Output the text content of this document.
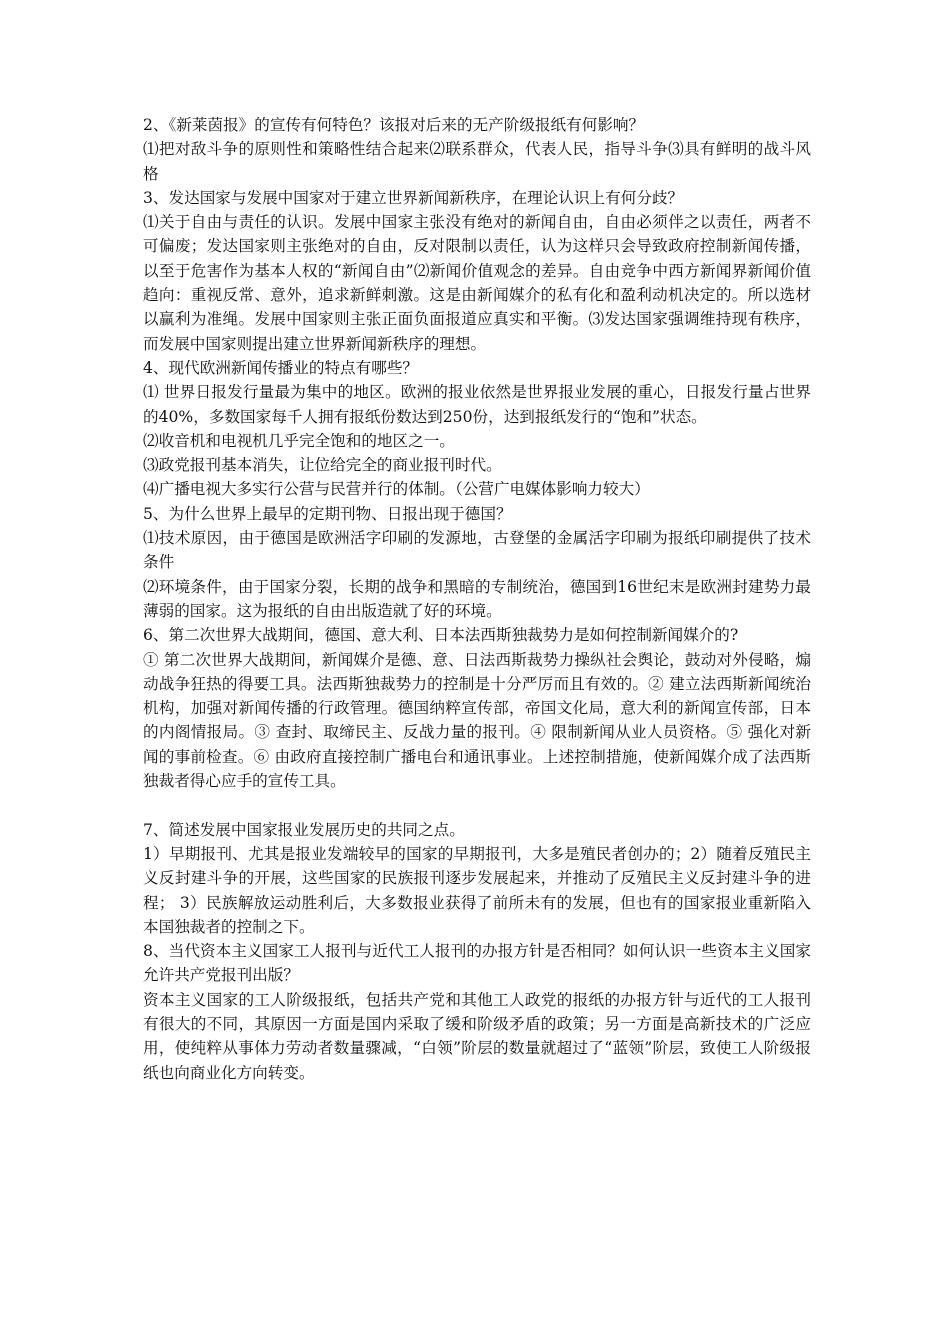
2、《新莱茵报》的宣传有何特色？该报对后来的无产阶级报纸有何影响？

⑴把对敌斗争的原则性和策略性结合起来⑵联系群众，代表人民，指导斗争⑶具有鲜明的战斗风格

3、发达国家与发展中国家对于建立世界新闻新秩序，在理论认识上有何分歧？

⑴关于自由与责任的认识。发展中国家主张没有绝对的新闻自由，自由必须伴之以责任，两者不可偏废；发达国家则主张绝对的自由，反对限制以责任，认为这样只会导致政府控制新闻传播，以至于危害作为基本人权的“新闻自由”⑵新闻价值观念的差异。自由竞争中西方新闻界新闻价值趋向：重视反常、意外，追求新鲜刺激。这是由新闻媒介的私有化和盈利动机决定的。所以选材以赢利为准绳。发展中国家则主张正面负面报道应真实和平衡。⑶发达国家强调维持现有秩序，而发展中国家则提出建立世界新闻新秩序的理想。

4、现代欧洲新闻传播业的特点有哪些？

⑴ 世界日报发行量最为集中的地区。欧洲的报业依然是世界报业发展的重心，日报发行量占世界的40%，多数国家每千人拥有报纸份数达到250份，达到报纸发行的“饱和”状态。

⑵收音机和电视机几乎完全饱和的地区之一。

⑶政党报刊基本消失，让位给完全的商业报刊时代。

⑷广播电视大多实行公营与民营并行的体制。（公营广电媒体影响力较大）

5、为什么世界上最早的定期刊物、日报出现于德国？

⑴技术原因，由于德国是欧洲活字印刷的发源地，古登堡的金属活字印刷为报纸印刷提供了技术条件

⑵环境条件，由于国家分裂，长期的战争和黑暗的专制统治，德国到16世纪末是欧洲封建势力最薄弱的国家。这为报纸的自由出版造就了好的环境。

6、第二次世界大战期间，德国、意大利、日本法西斯独裁势力是如何控制新闻媒介的?

① 第二次世界大战期间，新闻媒介是德、意、日法西斯裁势力操纵社会舆论，鼓动对外侵略，煽动战争狂热的得要工具。法西斯独裁势力的控制是十分严厉而且有效的。② 建立法西斯新闻统治机构，加强对新闻传播的行政管理。德国纳粹宣传部，帝国文化局，意大利的新闻宣传部，日本的内阁情报局。③ 查封、取缔民主、反战力量的报刊。④ 限制新闻从业人员资格。⑤ 强化对新闻的事前检查。⑥ 由政府直接控制广播电台和通讯事业。上述控制措施，使新闻媒介成了法西斯独裁者得心应手的宣传工具。

7、简述发展中国家报业发展历史的共同之点。

1）早期报刊、尤其是报业发端较早的国家的早期报刊，大多是殖民者创办的；2）随着反殖民主义反封建斗争的开展，这些国家的民族报刊逐步发展起来，并推动了反殖民主义反封建斗争的进程； 3）民族解放运动胜利后，大多数报业获得了前所未有的发展，但也有的国家报业重新陷入本国独裁者的控制之下。

8、当代资本主义国家工人报刊与近代工人报刊的办报方针是否相同？如何认识一些资本主义国家允许共产党报刊出版？

资本主义国家的工人阶级报纸，包括共产党和其他工人政党的报纸的办报方针与近代的工人报刊有很大的不同，其原因一方面是国内采取了缓和阶级矛盾的政策；另一方面是高新技术的广泛应用，使纯粹从事体力劳动者数量骤减，“白领”阶层的数量就超过了“蓝领”阶层，致使工人阶级报纸也向商业化方向转变。
